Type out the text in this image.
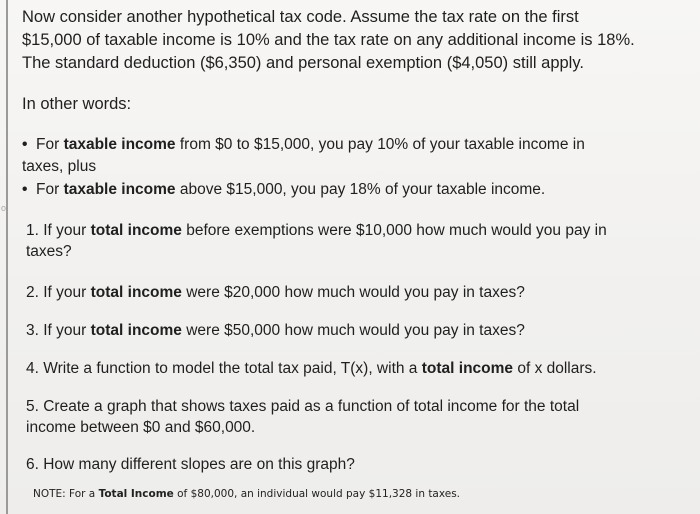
o

Now consider another hypothetical tax code. Assume the tax rate on the first

$15,000 of taxable income is 10% and the tax rate on any additional income is 18%.

The standard deduction ($6,350) and personal exemption ($4,050) still apply.

In other words:

• For taxable income from $0 to $15,000, you pay 10% of your taxable income in
taxes, plus

• For taxable income above $15,000, you pay 18% of your taxable income.

1. If your total income before exemptions were $10,000 how much would you pay in
taxes?

2. If your total income were $20,000 how much would you pay in taxes?

3. If your total income were $50,000 how much would you pay in taxes?

4. Write a function to model the total tax paid, T(x), with a total income of x dollars.

5. Create a graph that shows taxes paid as a function of total income for the total
income between $0 and $60,000.

6. How many different slopes are on this graph?

NOTE: For a Total Income of $80,000, an individual would pay $11,328 in taxes.
